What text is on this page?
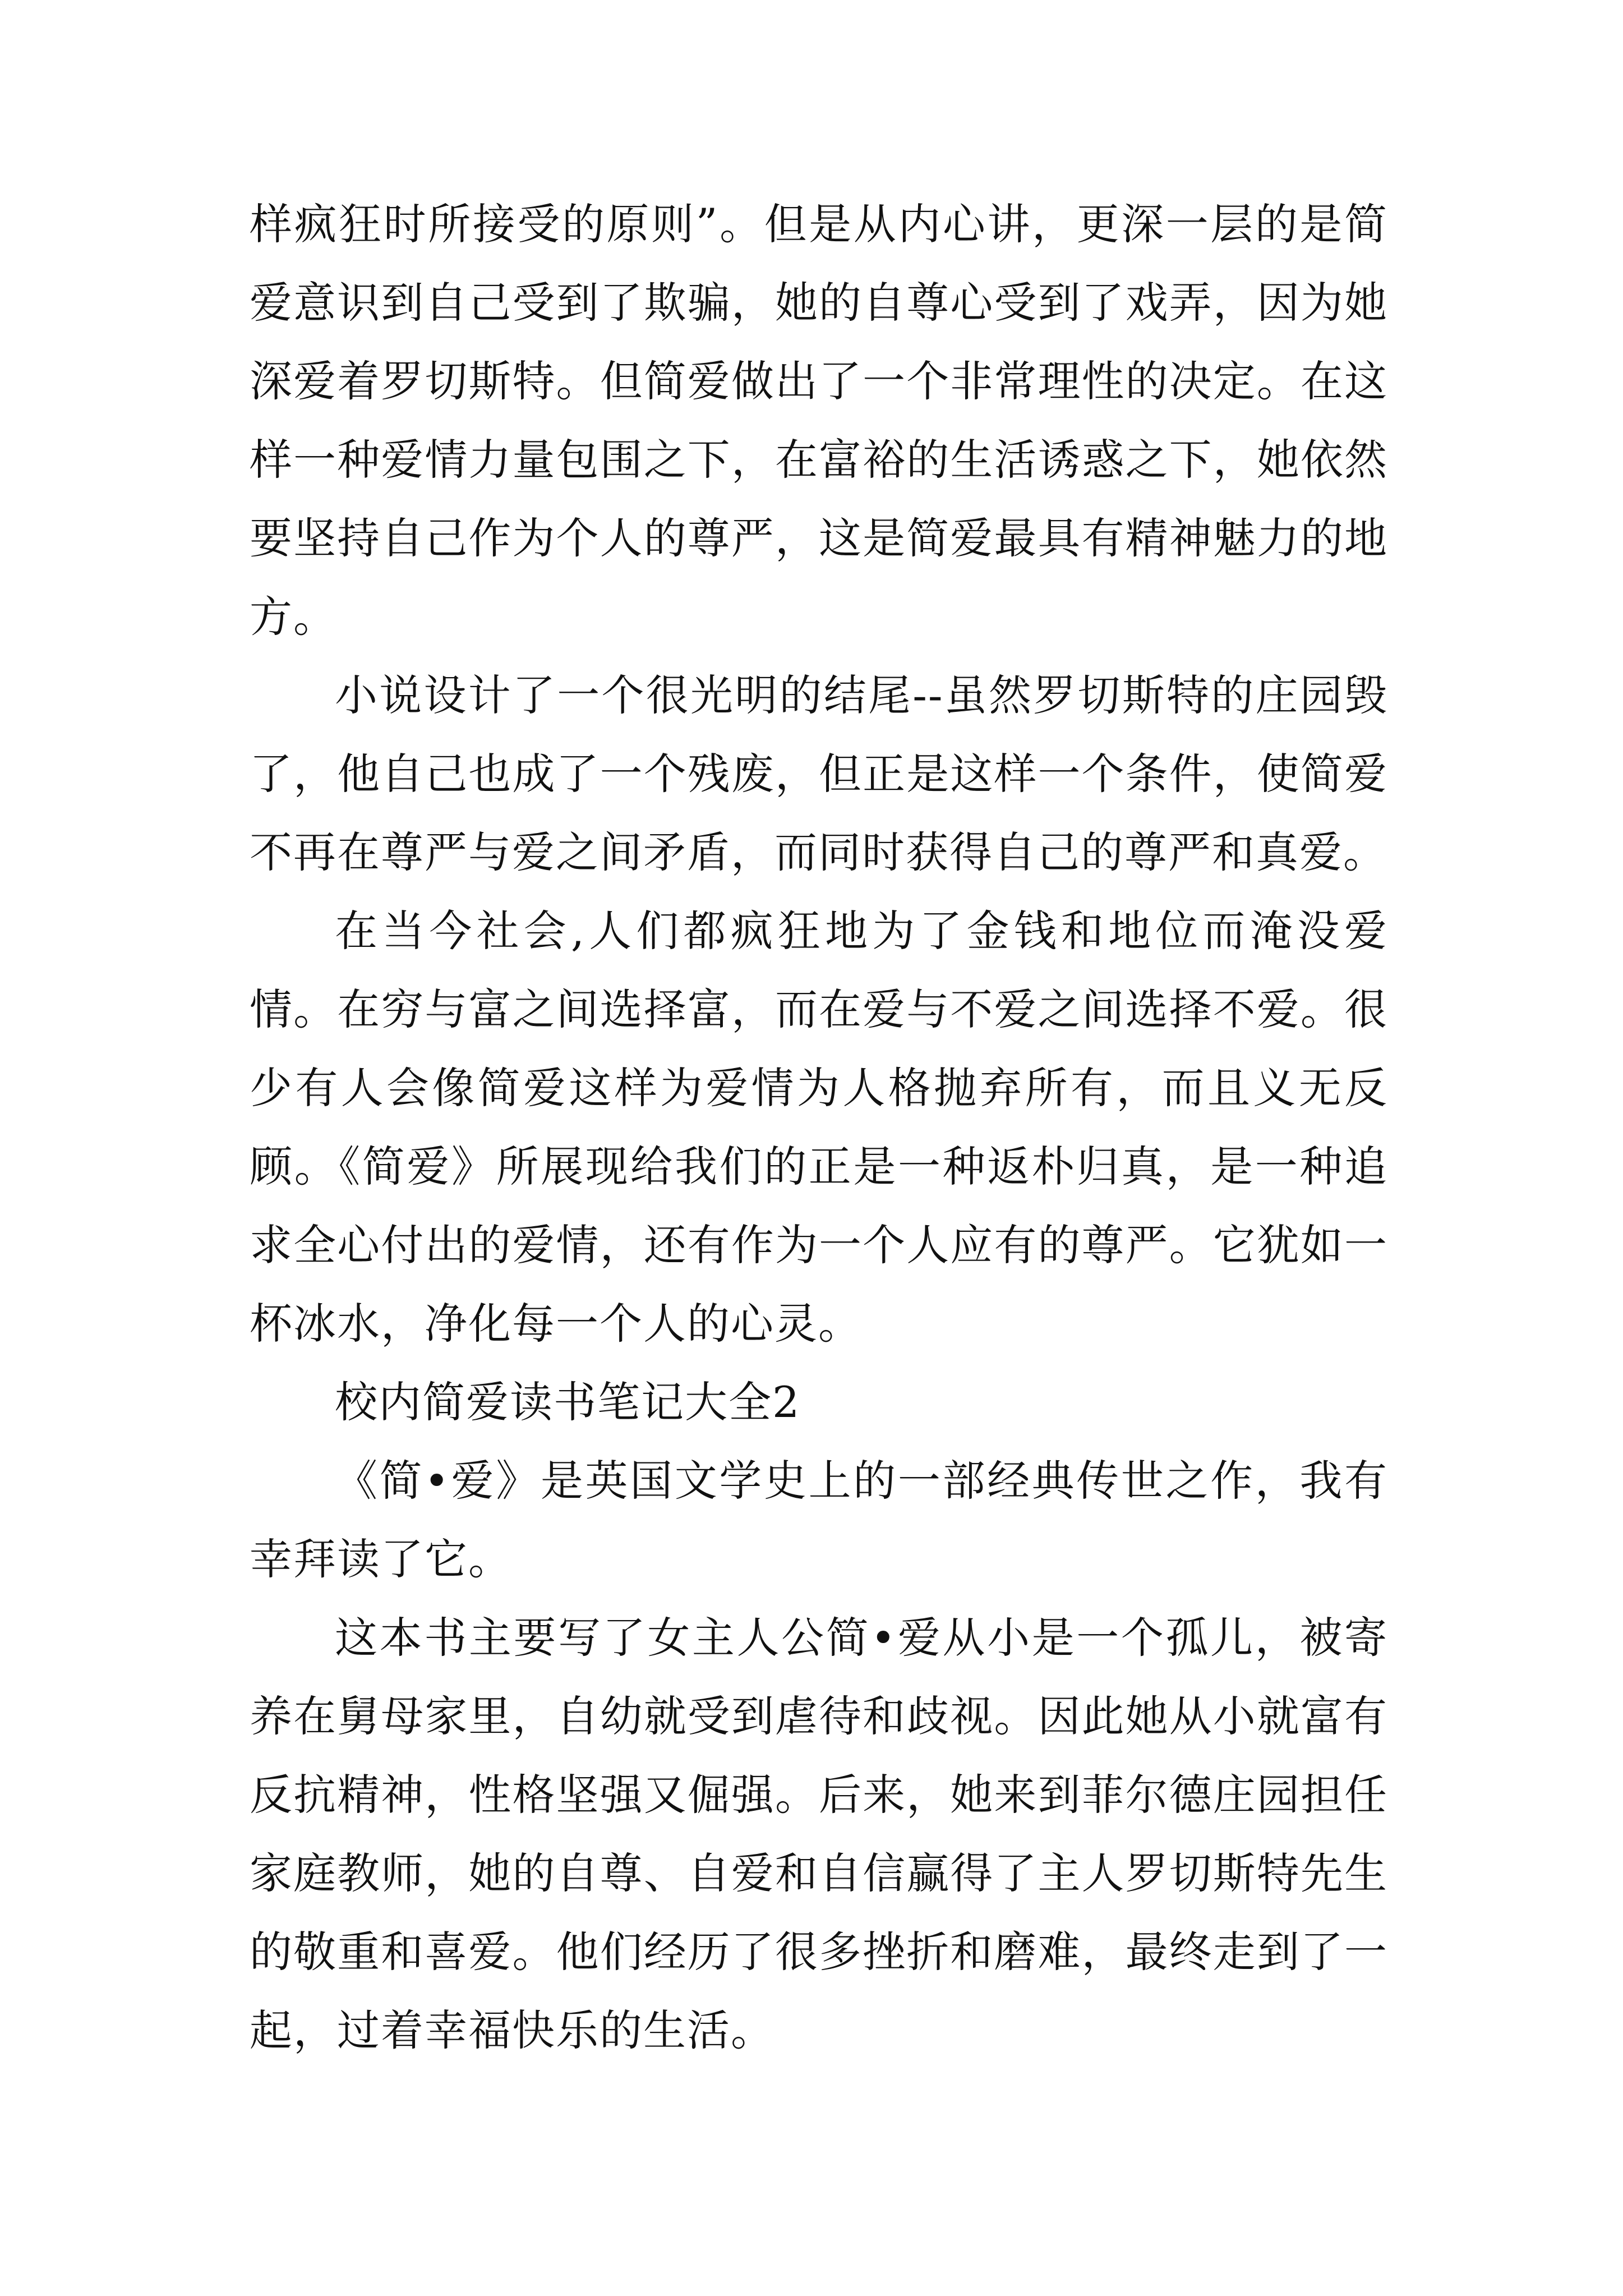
样疯狂时所接受的原则”。但是从内心讲，更深一层的是简爱意识到自己受到了欺骗，她的自尊心受到了戏弄，因为她深爱着罗切斯特。但简爱做出了一个非常理性的决定。在这样一种爱情力量包围之下，在富裕的生活诱惑之下，她依然要坚持自己作为个人的尊严，这是简爱最具有精神魅力的地方。

小说设计了一个很光明的结尾--虽然罗切斯特的庄园毁了，他自己也成了一个残废，但正是这样一个条件，使简爱不再在尊严与爱之间矛盾，而同时获得自己的尊严和真爱。

在当今社会,人们都疯狂地为了金钱和地位而淹没爱情。在穷与富之间选择富，而在爱与不爱之间选择不爱。很少有人会像简爱这样为爱情为人格抛弃所有，而且义无反顾。《简爱》所展现给我们的正是一种返朴归真，是一种追求全心付出的爱情，还有作为一个人应有的尊严。它犹如一杯冰水，净化每一个人的心灵。

校内简爱读书笔记大全2

《简•爱》是英国文学史上的一部经典传世之作，我有幸拜读了它。

这本书主要写了女主人公简•爱从小是一个孤儿，被寄养在舅母家里，自幼就受到虐待和歧视。因此她从小就富有反抗精神，性格坚强又倔强。后来，她来到菲尔德庄园担任家庭教师，她的自尊、自爱和自信赢得了主人罗切斯特先生的敬重和喜爱。他们经历了很多挫折和磨难，最终走到了一起，过着幸福快乐的生活。
